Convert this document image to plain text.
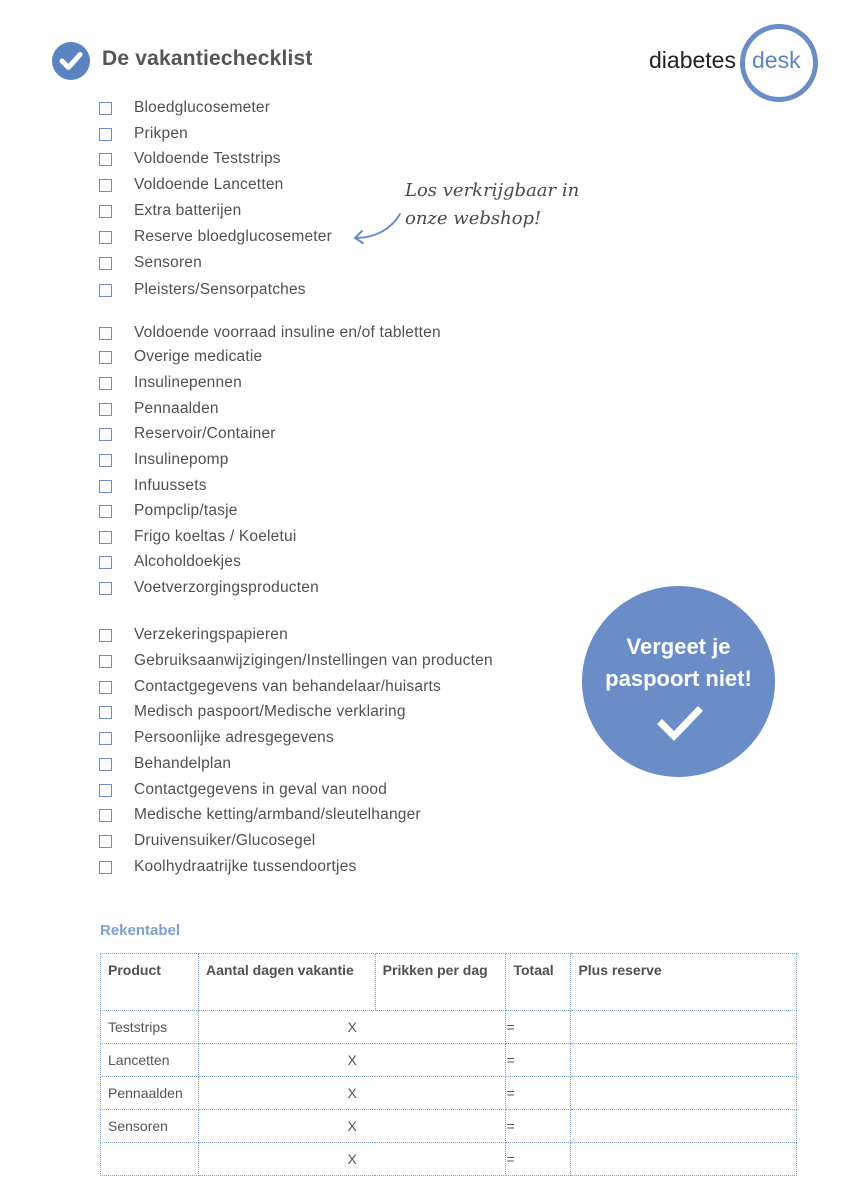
De vakantiechecklist	diabetes desk
Bloedglucosemeter
Prikpen
Voldoende Teststrips
Voldoende Lancetten
Extra batterijen
Reserve bloedglucosemeter
Sensoren
Pleisters/Sensorpatches
Voldoende voorraad insuline en/of tabletten
Overige medicatie
Insulinepennen
Pennaalden
Reservoir/Container
Insulinepomp
Infuussets
Pompclip/tasje
Frigo koeltas / Koeletui
Alcoholdoekjes
Voetverzorgingsproducten
Verzekeringspapieren
Gebruiksaanwijzigingen/Instellingen van producten
Contactgegevens van behandelaar/huisarts
Medisch paspoort/Medische verklaring
Persoonlijke adresgegevens
Behandelplan
Contactgegevens in geval van nood
Medische ketting/armband/sleutelhanger
Druivensuiker/Glucosegel
Koolhydraatrijke tussendoortjes
Los verkrijgbaar in
onze webshop!
Vergeet je
paspoort niet!
Rekentabel
Product	Aantal dagen vakantie	Prikken per dag	Totaal	Plus reserve
Teststrips	X		=	
Lancetten	X		=	
Pennaalden	X		=	
Sensoren	X		=	
	X		=	
